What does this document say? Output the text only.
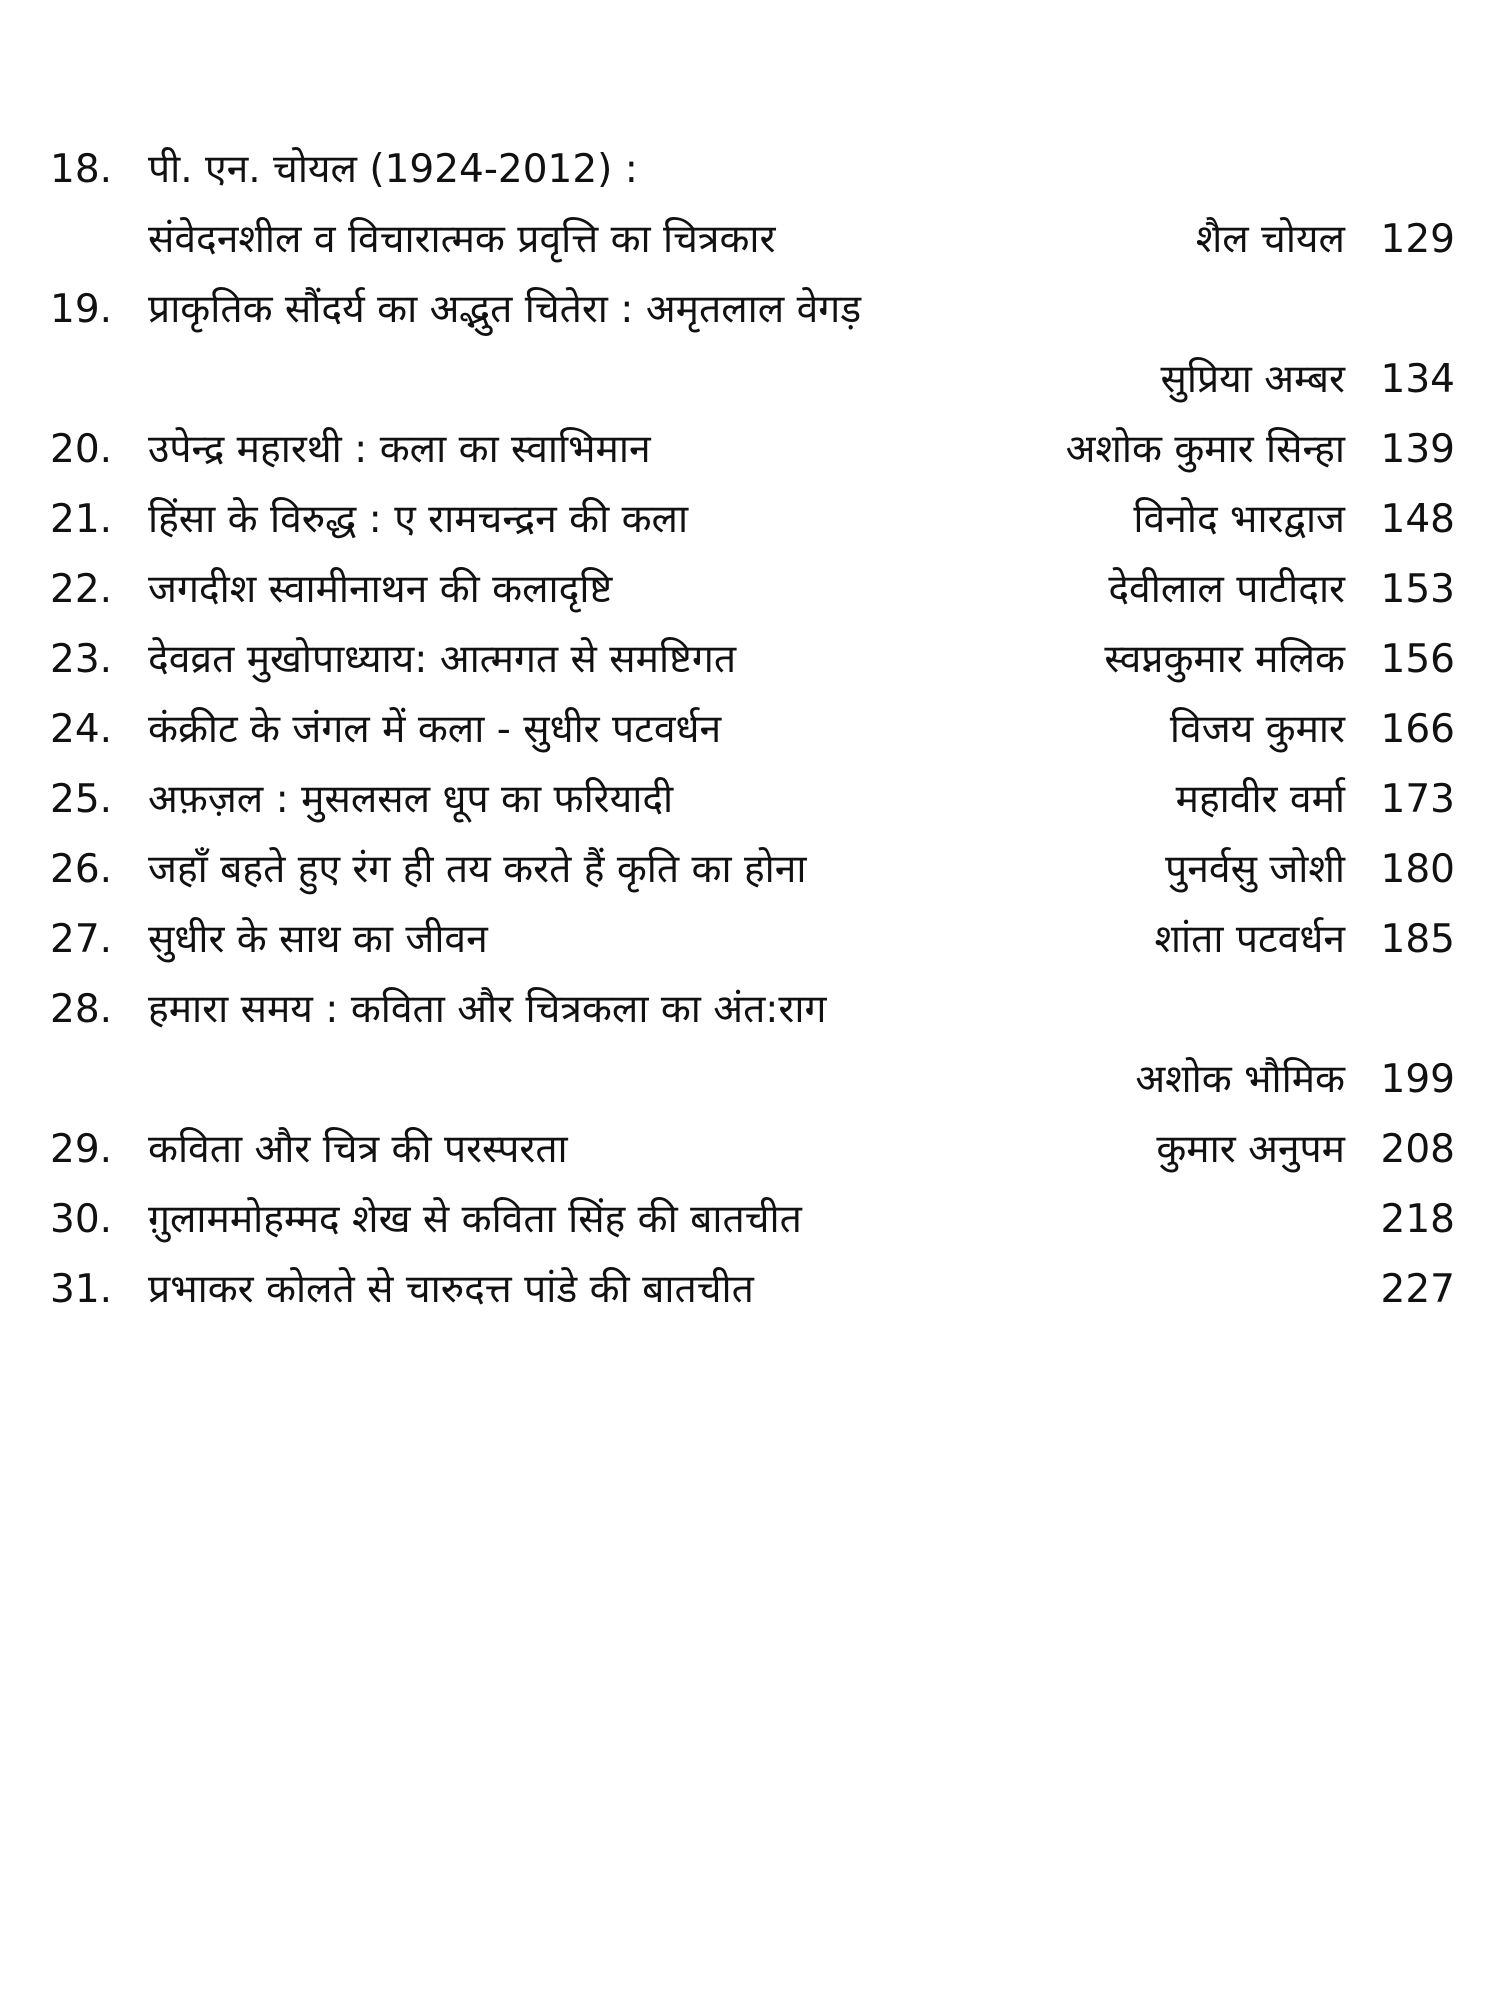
18. पी. एन. चोयल (1924-2012) :
संवेदनशील व विचारात्मक प्रवृत्ति का चित्रकार	शैल चोयल 129
19. प्राकृतिक सौंदर्य का अद्भुत चितेरा : अमृतलाल वेगड़
सुप्रिया अम्बर 134
20. उपेन्द्र महारथी : कला का स्वाभिमान	अशोक कुमार सिन्हा 139
21. हिंसा के विरुद्ध : ए रामचन्द्रन की कला	विनोद भारद्वाज 148
22. जगदीश स्वामीनाथन की कलादृष्टि	देवीलाल पाटीदार 153
23. देवव्रत मुखोपाध्याय: आत्मगत से समष्टिगत	स्वप्नकुमार मलिक 156
24. कंक्रीट के जंगल में कला - सुधीर पटवर्धन	विजय कुमार 166
25. अफ़ज़ल : मुसलसल धूप का फरियादी	महावीर वर्मा 173
26. जहाँ बहते हुए रंग ही तय करते हैं कृति का होना	पुनर्वसु जोशी 180
27. सुधीर के साथ का जीवन	शांता पटवर्धन 185
28. हमारा समय : कविता और चित्रकला का अंत:राग
अशोक भौमिक 199
29. कविता और चित्र की परस्परता	कुमार अनुपम 208
30. ग़ुलाममोहम्मद शेख से कविता सिंह की बातचीत	218
31. प्रभाकर कोलते से चारुदत्त पांडे की बातचीत	227
